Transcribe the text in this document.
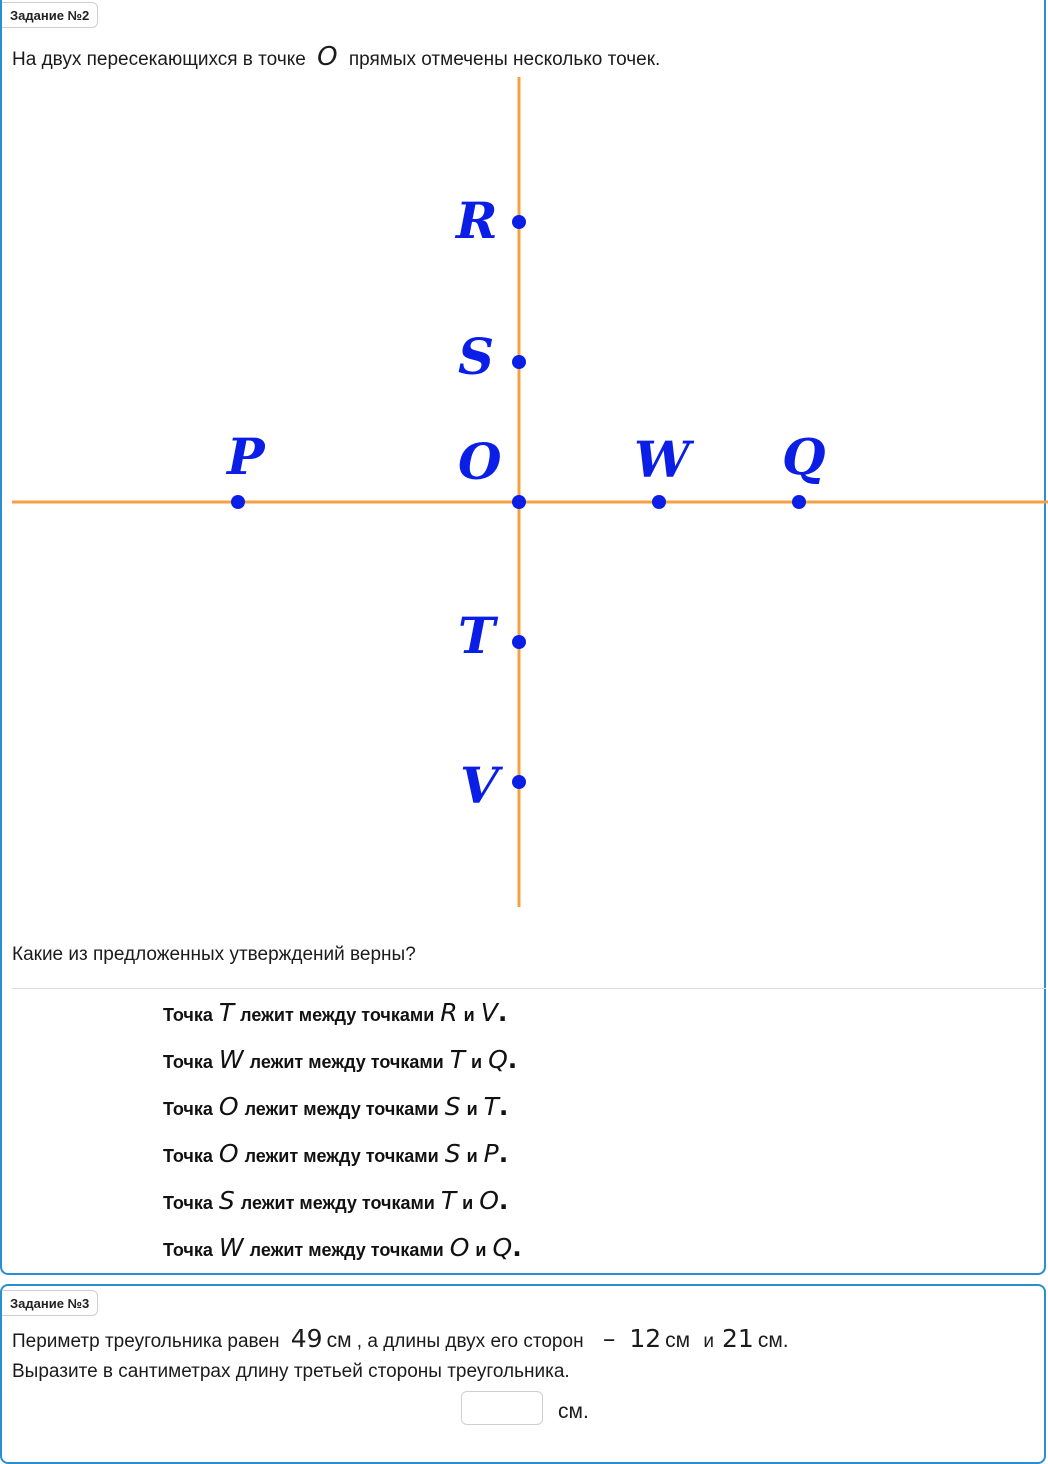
Задание №2
На двух пересекающихся в точке O прямых отмечены несколько точек.
R
S
O
P	W Q
T
V
Какие из предложенных утверждений верны?
Точка T лежит между точками R и V.
Точка W лежит между точками T и Q.
Точка O лежит между точками S и T.
Точка O лежит между точками S и P.
Точка S лежит между точками T и O.
Точка W лежит между точками O и Q.
Задание №3
Периметр треугольника равен 49 см , а длины двух его сторон – 12 см и 21 см.
Выразите в сантиметрах длину третьей стороны треугольника.
см.
